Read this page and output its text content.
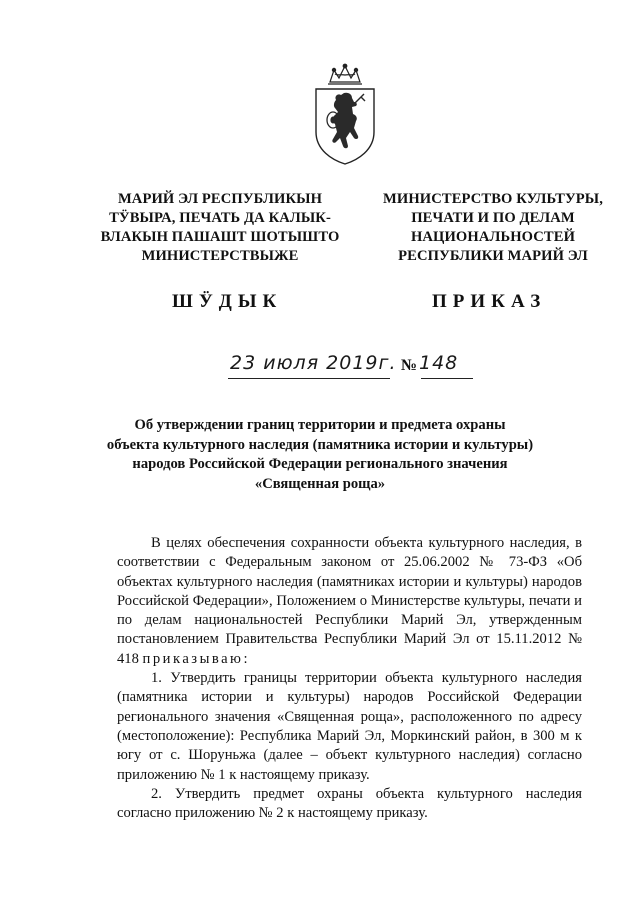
МАРИЙ ЭЛ РЕСПУБЛИКЫН
ТӰВЫРА, ПЕЧАТЬ ДА КАЛЫК-
ВЛАКЫН ПАШАШТ ШОТЫШТО
МИНИСТЕРСТВЫЖЕ
МИНИСТЕРСТВО КУЛЬТУРЫ,
ПЕЧАТИ И ПО ДЕЛАМ
НАЦИОНАЛЬНОСТЕЙ
РЕСПУБЛИКИ МАРИЙ ЭЛ
ШӰДЫК	ПРИКАЗ
23 июля 2019г. № 148
Об утверждении границ территории и предмета охраны
объекта культурного наследия (памятника истории и культуры)
народов Российской Федерации регионального значения
«Священная роща»

В целях обеспечения сохранности объекта культурного наследия, в соответствии с Федеральным законом от 25.06.2002 № 73-ФЗ «Об объектах культурного наследия (памятниках истории и культуры) народов Российской Федерации», Положением о Министерстве культуры, печати и по делам национальностей Республики Марий Эл, утвержденным постановлением Правительства Республики Марий Эл от 15.11.2012 № 418 приказываю:

1. Утвердить границы территории объекта культурного наследия (памятника истории и культуры) народов Российской Федерации регионального значения «Священная роща», расположенного по адресу (местоположение): Республика Марий Эл, Моркинский район, в 300 м к югу от с. Шоруньжа (далее – объект культурного наследия) согласно приложению № 1 к настоящему приказу.

2. Утвердить предмет охраны объекта культурного наследия согласно приложению № 2 к настоящему приказу.
